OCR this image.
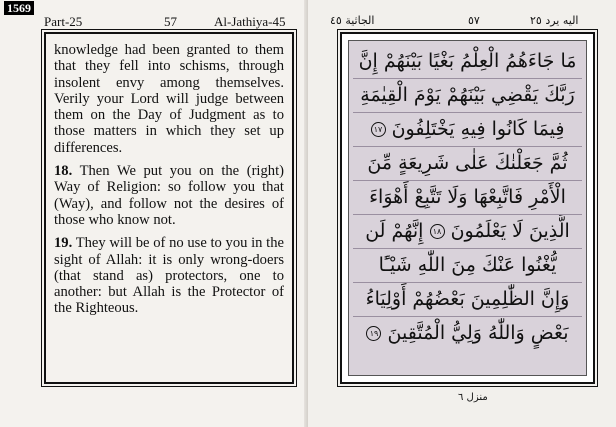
1569
Part-25	57	Al-Jathiya-45

knowledge had been granted to them that they fell into schisms, through insolent envy among themselves. Verily your Lord will judge between them on the Day of Judgment as to those matters in which they set up differences.

18. Then We put you on the (right) Way of Religion: so follow you that (Way), and follow not the desires of those who know not.

19. They will be of no use to you in the sight of Allah: it is only wrong-doers (that stand as) protectors, one to another: but Allah is the Protector of the Righteous.

الجاثية ٤٥	٥٧	اليه يرد ٢٥
مَا جَاءَهُمُ الْعِلْمُ بَغْيًا بَيْنَهُمْ إِنَّ
رَبَّكَ يَقْضِي بَيْنَهُمْ يَوْمَ الْقِيٰمَةِ
فِيمَا كَانُوا فِيهِ يَخْتَلِفُونَ ١٧
ثُمَّ جَعَلْنٰكَ عَلٰى شَرِيعَةٍ مِّنَ
الْأَمْرِ فَاتَّبِعْهَا وَلَا تَتَّبِعْ أَهْوَاءَ
الَّذِينَ لَا يَعْلَمُونَ ١٨ إِنَّهُمْ لَن
يُّغْنُوا عَنْكَ مِنَ اللّٰهِ شَيْـًٔا
وَإِنَّ الظّٰلِمِينَ بَعْضُهُمْ أَوْلِيَاءُ
بَعْضٍ وَاللّٰهُ وَلِيُّ الْمُتَّقِينَ ١٩
منزل ٦
